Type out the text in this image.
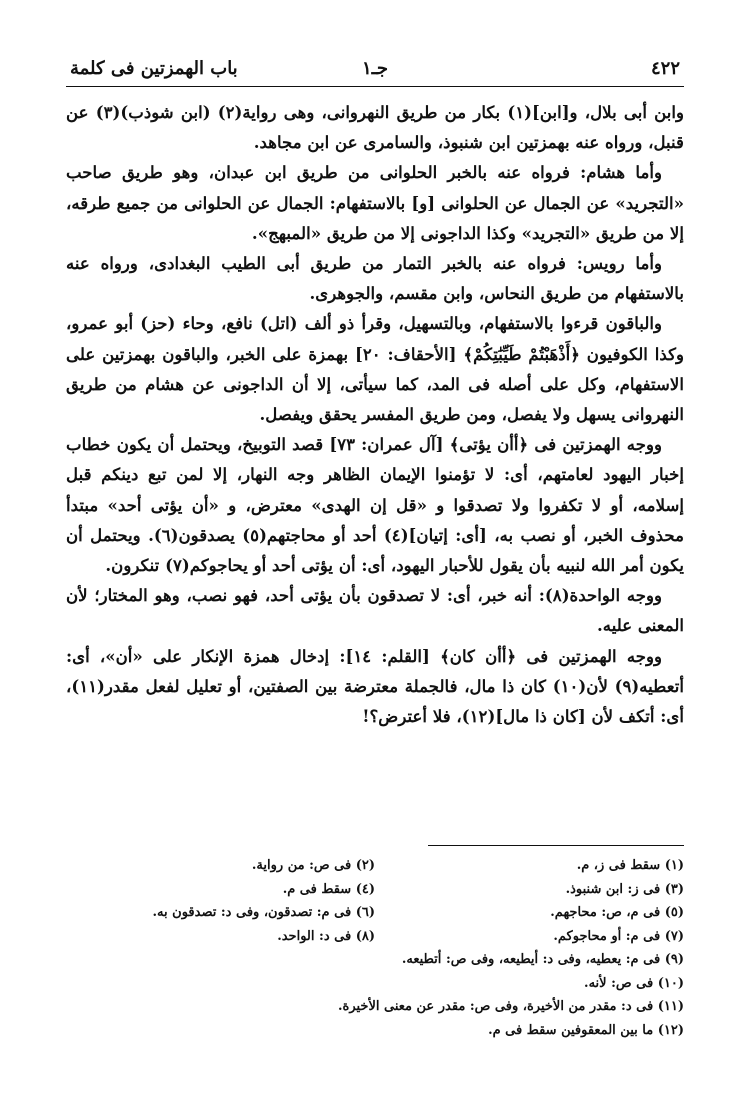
٤٢٢
جـ١
باب الهمزتين فى كلمة

وابن أبى بلال، و[ابن](١) بكار من طريق النهروانى، وهى رواية(٢) (ابن شوذب)(٣) عن قنبل، ورواه عنه بهمزتين ابن شنبوذ، والسامرى عن ابن مجاهد.

وأما هشام: فرواه عنه بالخبر الحلوانى من طريق ابن عبدان، وهو طريق صاحب «التجريد» عن الجمال عن الحلوانى [و] بالاستفهام: الجمال عن الحلوانى من جميع طرقه، إلا من طريق «التجريد» وكذا الداجونى إلا من طريق «المبهج».

وأما رويس: فرواه عنه بالخبر التمار من طريق أبى الطيب البغدادى، ورواه عنه بالاستفهام من طريق النحاس، وابن مقسم، والجوهرى.

والباقون قرءوا بالاستفهام، وبالتسهيل، وقرأ ذو ألف (اتل) نافع، وحاء (حز) أبو عمرو، وكذا الكوفيون ﴿أَذْهَبْتُمْ طَيِّبَٰتِكُمْ﴾ [الأحقاف: ٢٠] بهمزة على الخبر، والباقون بهمزتين على الاستفهام، وكل على أصله فى المد، كما سيأتى، إلا أن الداجونى عن هشام من طريق النهروانى يسهل ولا يفصل، ومن طريق المفسر يحقق ويفصل.

ووجه الهمزتين فى ﴿أأن يؤتى﴾ [آل عمران: ٧٣] قصد التوبيخ، ويحتمل أن يكون خطاب إخبار اليهود لعامتهم، أى: لا تؤمنوا الإيمان الظاهر وجه النهار، إلا لمن تبع دينكم قبل إسلامه، أو لا تكفروا ولا تصدقوا و «قل إن الهدى» معترض، و «أن يؤتى أحد» مبتدأ محذوف الخبر، أو نصب به، [أى: إتيان](٤) أحد أو محاجتهم(٥) يصدقون(٦). ويحتمل أن يكون أمر الله لنبيه بأن يقول للأحبار اليهود، أى: أن يؤتى أحد أو يحاجوكم(٧) تنكرون.

ووجه الواحدة(٨): أنه خبر، أى: لا تصدقون بأن يؤتى أحد، فهو نصب، وهو المختار؛ لأن المعنى عليه.

ووجه الهمزتين فى ﴿أأن كان﴾ [القلم: ١٤]: إدخال همزة الإنكار على «أن»، أى: أتعطيه(٩) لأن(١٠) كان ذا مال، فالجملة معترضة بين الصفتين، أو تعليل لفعل مقدر(١١)، أى: أتكف لأن [كان ذا مال](١٢)، فلا أعترض؟!

(١) سقط فى ز، م.
(٢) فى ص: من رواية.
(٣) فى ز: ابن شنبوذ.
(٤) سقط فى م.
(٥) فى م، ص: محاجهم.
(٦) فى م: تصدقون، وفى د: تصدقون به.
(٧) فى م: أو محاجوكم.
(٨) فى د: الواحد.
(٩) فى م: يعطيه، وفى د: أيطيعه، وفى ص: أتطيعه.
(١٠) فى ص: لأنه.
(١١) فى د: مقدر من الأخيرة، وفى ص: مقدر عن معنى الأخيرة.
(١٢) ما بين المعقوفين سقط فى م.
